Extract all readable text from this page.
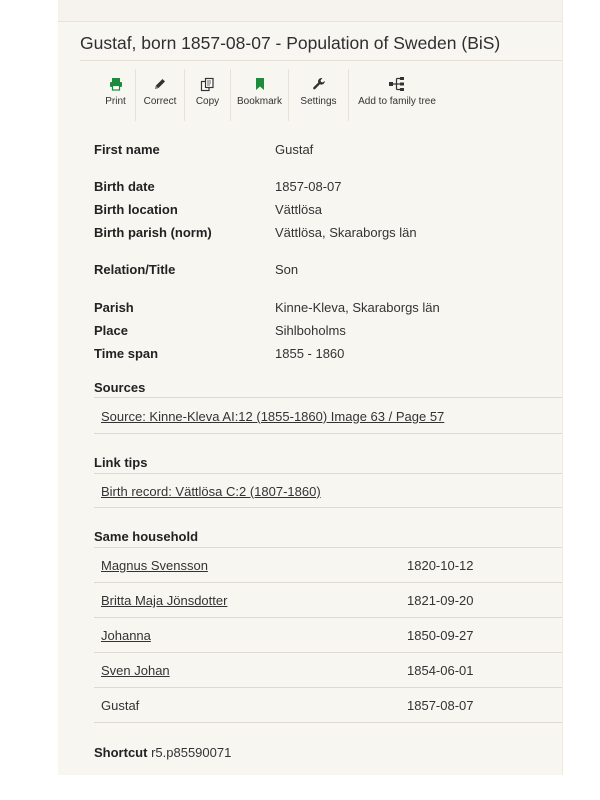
Gustaf, born 1857-08-07 - Population of Sweden (BiS)
Print Correct Copy Bookmark Settings Add to family tree
First name	Gustaf
Birth date	1857-08-07
Birth location	Vättlösa
Birth parish (norm)	Vättlösa, Skaraborgs län
Relation/Title	Son
Parish	Kinne-Kleva, Skaraborgs län
Place	Sihlboholms
Time span	1855 - 1860
Sources
Source: Kinne-Kleva AI:12 (1855-1860) Image 63 / Page 57
Link tips
Birth record: Vättlösa C:2 (1807-1860)
Same household
Magnus Svensson	1820-10-12
Britta Maja Jönsdotter	1821-09-20
Johanna	1850-09-27
Sven Johan	1854-06-01
Gustaf	1857-08-07
Shortcut r5.p85590071
